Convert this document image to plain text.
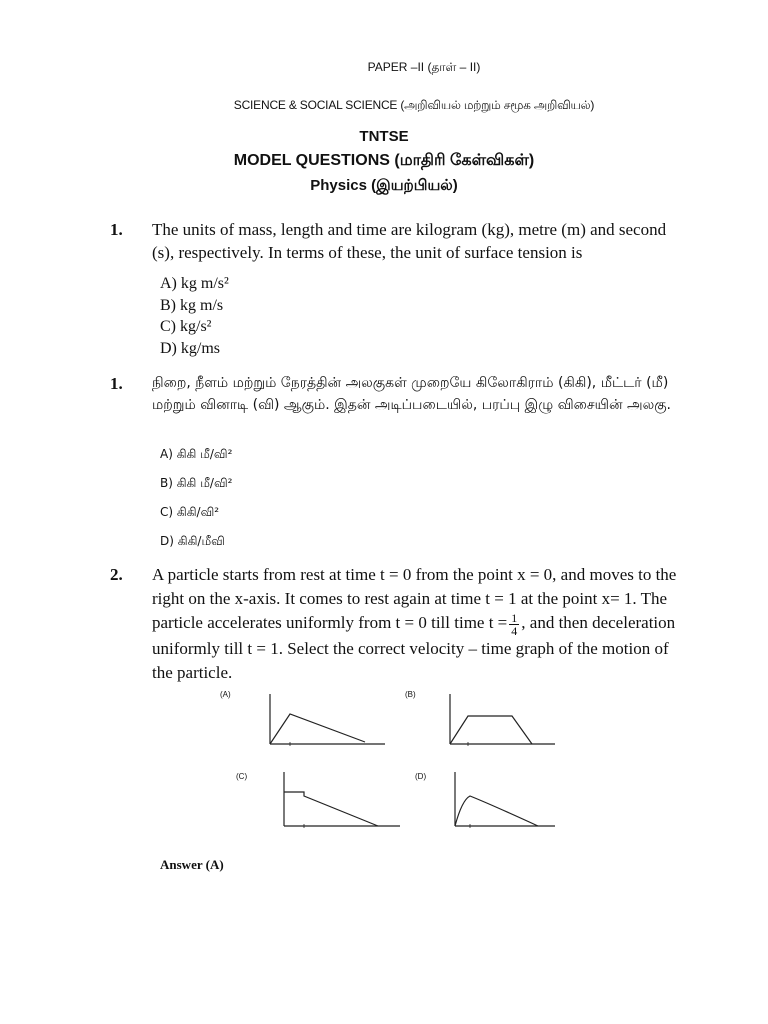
PAPER –II (தாள் – II)
SCIENCE & SOCIAL SCIENCE (அறிவியல் மற்றும் சமூக அறிவியல்)
TNTSE
MODEL QUESTIONS (மாதிரி கேள்விகள்)
Physics (இயற்பியல்)
1. The units of mass, length and time are kilogram (kg), metre (m) and second (s), respectively. In terms of these, the unit of surface tension is
A) kg m/s²
B) kg m/s
C) kg/s²
D) kg/ms
1. நிறை, நீளம் மற்றும் நேரத்தின் அலகுகள் முறையே கிலோகிராம் (கிகி), மீட்டர் (மீ) மற்றும் வினாடி (வி) ஆகும். இதன் அடிப்படையில், பரப்பு இழு விசையின் அலகு.
A) கிகி மீ/வி²
B) கிகி மீ/வி²
C) கிகி/வி²
D) கிகி/மீவி
2. A particle starts from rest at time t = 0 from the point x = 0, and moves to the right on the x-axis. It comes to rest again at time t = 1 at the point x= 1. The particle accelerates uniformly from t = 0 till time $t = \frac{1}{4}$ , and then deceleration uniformly till t = 1. Select the correct velocity – time graph of the motion of the particle.
(A)	(B)
(C)	(D)
Answer (A)
